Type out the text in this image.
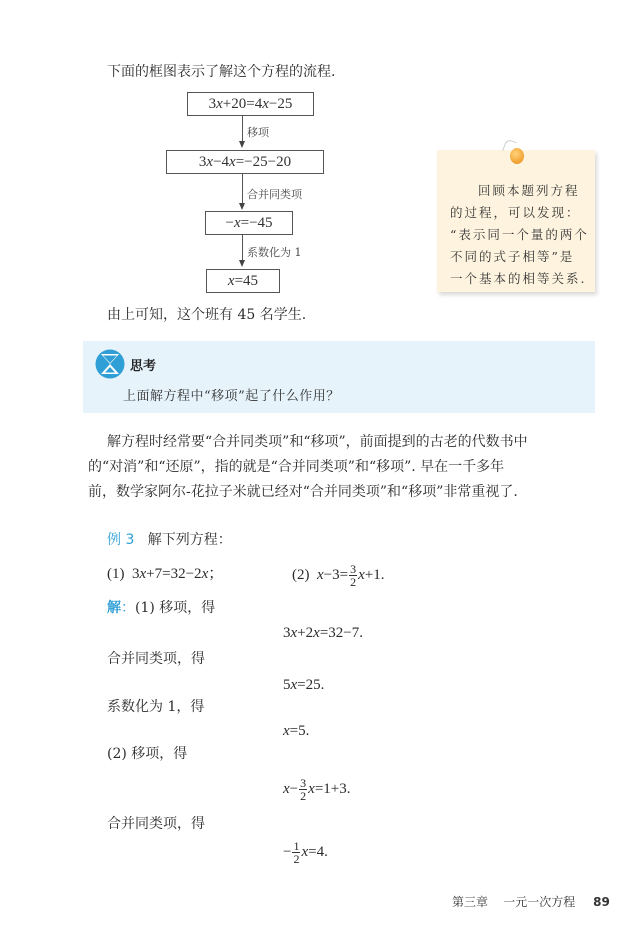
下面的框图表示了解这个方程的流程.
3x+20=4x−25
移项
3x−4x=−25−20
合并同类项
−x=−45
系数化为 1
x=45
由上可知，这个班有 45 名学生.
回顾本题列方程
的过程，可以发现：
“表示同一个量的两个
不同的式子相等”是
一个基本的相等关系.
思考
上面解方程中“移项”起了什么作用？
解方程时经常要“合并同类项”和“移项”，前面提到的古老的代数书中
的“对消”和“还原”，指的就是“合并同类项”和“移项”. 早在一千多年
前，数学家阿尔-花拉子米就已经对“合并同类项”和“移项”非常重视了.
例 3 解下列方程：
(1)  3x+7=32−2x；	(2)  $x-3= \frac{3}{2} x+1$.
解：(1) 移项，得
3x+2x=32−7.
合并同类项，得
5x=25.
系数化为 1，得
x=5.
(2) 移项，得
$x- \frac{3}{2} x=1+3$.
合并同类项，得
− $\frac{1}{2} x=4$.
第三章 一元一次方程 89
